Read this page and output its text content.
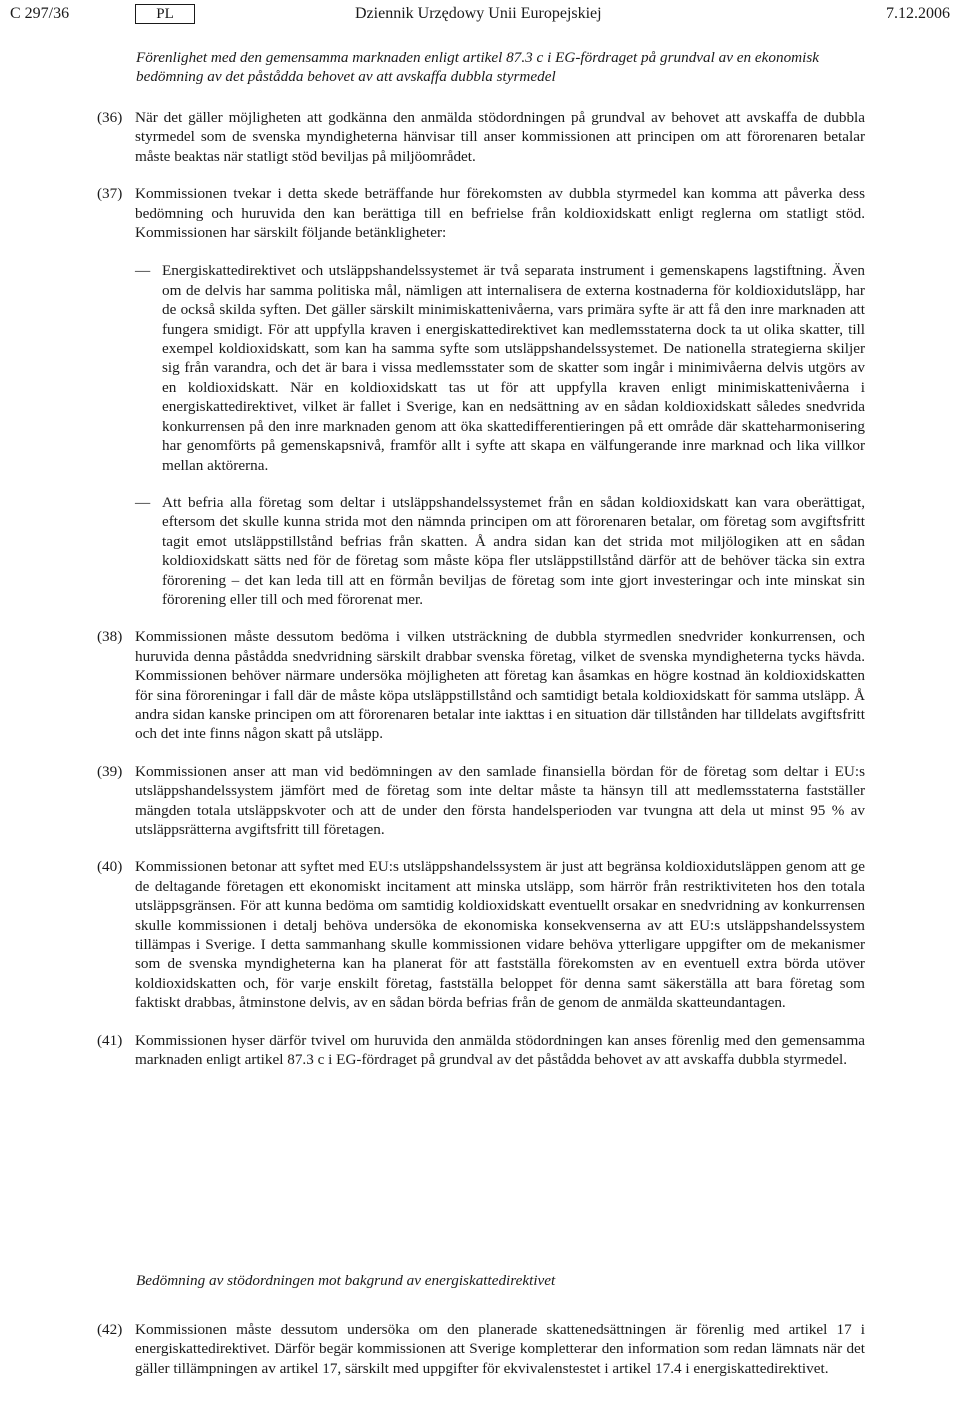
C 297/36	PL	Dziennik Urzędowy Unii Europejskiej	7.12.2006
Förenlighet med den gemensamma marknaden enligt artikel 87.3 c i EG-fördraget på grundval av en ekonomisk bedömning av det påstådda behovet av att avskaffa dubbla styrmedel
(36) När det gäller möjligheten att godkänna den anmälda stödordningen på grundval av behovet att avskaffa de dubbla styrmedel som de svenska myndigheterna hänvisar till anser kommissionen att principen om att förorenaren betalar måste beaktas när statligt stöd beviljas på miljöområdet.

(37) Kommissionen tvekar i detta skede beträffande hur förekomsten av dubbla styrmedel kan komma att påverka dess bedömning och huruvida den kan berättiga till en befrielse från koldioxidskatt enligt reglerna om statligt stöd. Kommissionen har särskilt följande betänkligheter:

— Energiskattedirektivet och utsläppshandelssystemet är två separata instrument i gemenskapens lagstiftning. Även om de delvis har samma politiska mål, nämligen att internalisera de externa kostnaderna för koldioxidutsläpp, har de också skilda syften. Det gäller särskilt minimiskattenivåerna, vars primära syfte är att få den inre marknaden att fungera smidigt. För att uppfylla kraven i energiskattedirektivet kan medlemsstaterna dock ta ut olika skatter, till exempel koldioxidskatt, som kan ha samma syfte som utsläppshandelssystemet. De nationella strategierna skiljer sig från varandra, och det är bara i vissa medlemsstater som de skatter som ingår i minimivåerna delvis utgörs av en koldioxidskatt. När en koldioxidskatt tas ut för att uppfylla kraven enligt minimiskattenivåerna i energiskattedirektivet, vilket är fallet i Sverige, kan en nedsättning av en sådan koldioxidskatt således snedvrida konkurrensen på den inre marknaden genom att öka skattedifferentieringen på ett område där skatteharmonisering har genomförts på gemenskapsnivå, framför allt i syfte att skapa en välfungerande inre marknad och lika villkor mellan aktörerna.

— Att befria alla företag som deltar i utsläppshandelssystemet från en sådan koldioxidskatt kan vara oberättigat, eftersom det skulle kunna strida mot den nämnda principen om att förorenaren betalar, om företag som avgiftsfritt tagit emot utsläppstillstånd befrias från skatten. Å andra sidan kan det strida mot miljölogiken att en sådan koldioxidskatt sätts ned för de företag som måste köpa fler utsläppstillstånd därför att de behöver täcka sin extra förorening – det kan leda till att en förmån beviljas de företag som inte gjort investeringar och inte minskat sin förorening eller till och med förorenat mer.

(38) Kommissionen måste dessutom bedöma i vilken utsträckning de dubbla styrmedlen snedvrider konkurrensen, och huruvida denna påstådda snedvridning särskilt drabbar svenska företag, vilket de svenska myndigheterna tycks hävda. Kommissionen behöver närmare undersöka möjligheten att företag kan åsamkas en högre kostnad än koldioxidskatten för sina föroreningar i fall där de måste köpa utsläppstillstånd och samtidigt betala koldioxidskatt för samma utsläpp. Å andra sidan kanske principen om att förorenaren betalar inte iakttas i en situation där tillstånden har tilldelats avgiftsfritt och det inte finns någon skatt på utsläpp.

(39) Kommissionen anser att man vid bedömningen av den samlade finansiella bördan för de företag som deltar i EU:s utsläppshandelssystem jämfört med de företag som inte deltar måste ta hänsyn till att medlemsstaterna fastställer mängden totala utsläppskvoter och att de under den första handelsperioden var tvungna att dela ut minst 95 % av utsläppsrätterna avgiftsfritt till företagen.

(40) Kommissionen betonar att syftet med EU:s utsläppshandelssystem är just att begränsa koldioxidutsläppen genom att ge de deltagande företagen ett ekonomiskt incitament att minska utsläpp, som härrör från restriktiviteten hos den totala utsläppsgränsen. För att kunna bedöma om samtidig koldioxidskatt eventuellt orsakar en snedvridning av konkurrensen skulle kommissionen i detalj behöva undersöka de ekonomiska konsekvenserna av att EU:s utsläppshandelssystem tillämpas i Sverige. I detta sammanhang skulle kommissionen vidare behöva ytterligare uppgifter om de mekanismer som de svenska myndigheterna kan ha planerat för att fastställa förekomsten av en eventuell extra börda utöver koldioxidskatten och, för varje enskilt företag, fastställa beloppet för denna samt säkerställa att bara företag som faktiskt drabbas, åtminstone delvis, av en sådan börda befrias från de genom de anmälda skatteundantagen.

(41) Kommissionen hyser därför tvivel om huruvida den anmälda stödordningen kan anses förenlig med den gemensamma marknaden enligt artikel 87.3 c i EG-fördraget på grundval av det påstådda behovet av att avskaffa dubbla styrmedel.

Bedömning av stödordningen mot bakgrund av energiskattedirektivet
(42) Kommissionen måste dessutom undersöka om den planerade skattenedsättningen är förenlig med artikel 17 i energiskattedirektivet. Därför begär kommissionen att Sverige kompletterar den information som redan lämnats när det gäller tillämpningen av artikel 17, särskilt med uppgifter för ekvivalenstestet i artikel 17.4 i energiskattedirektivet.
